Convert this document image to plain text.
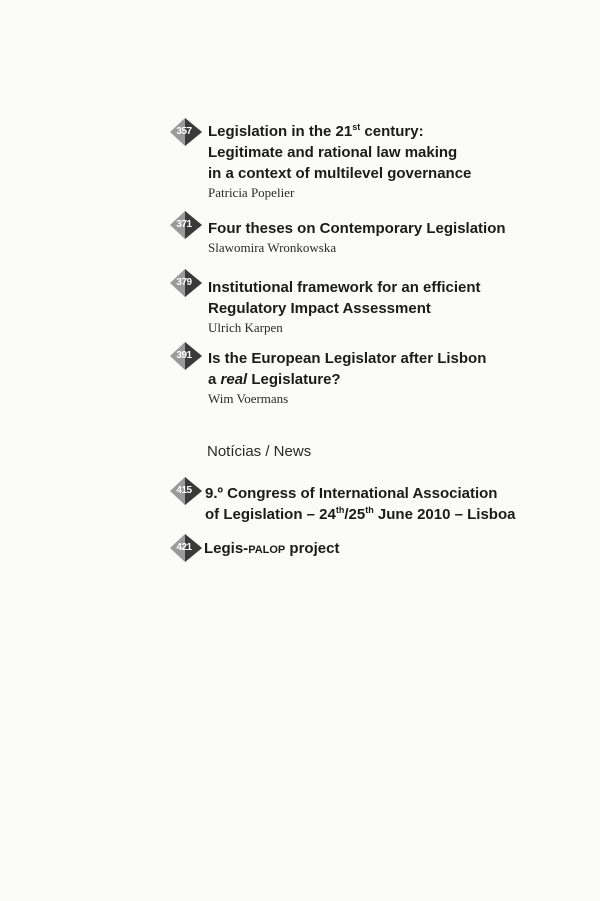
357	Legislation in the 21st century:
Legitimate and rational law making
in a context of multilevel governance
Patricia Popelier
371	Four theses on Contemporary Legislation
Slawomira Wronkowska
379	Institutional framework for an efficient
Regulatory Impact Assessment
Ulrich Karpen
391	Is the European Legislator after Lisbon
a real Legislature?
Wim Voermans
Notícias / News
415 9.º Congress of International Association
of Legislation – 24th/25th June 2010 – Lisboa
421 Legis-PALOP project
